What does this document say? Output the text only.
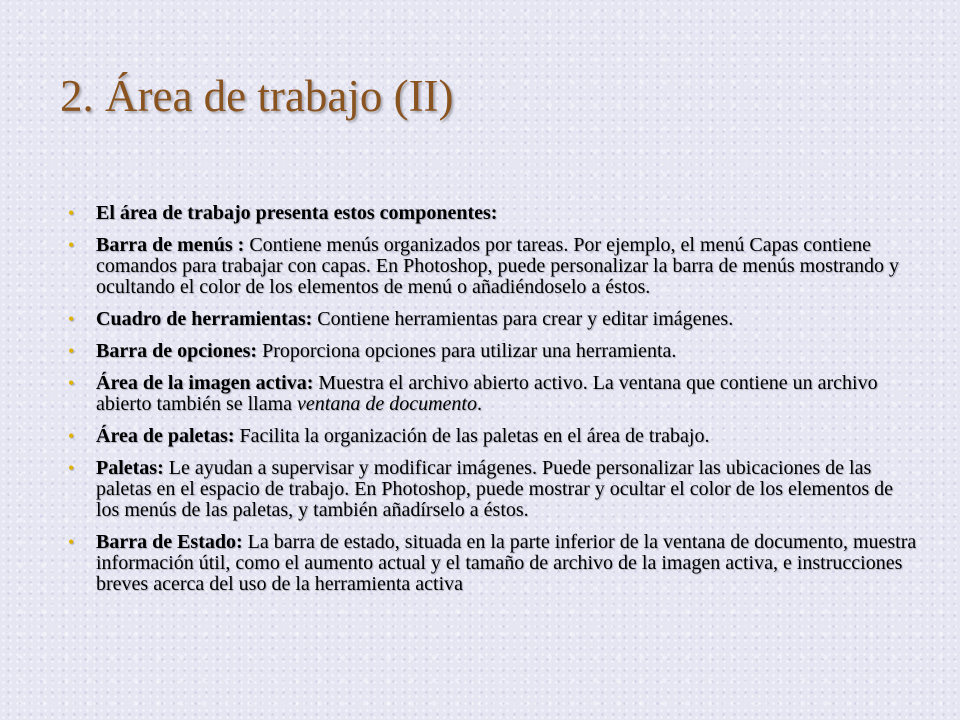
2. Área de trabajo (II)
• El área de trabajo presenta estos componentes:
• Barra de menús : Contiene menús organizados por tareas. Por ejemplo, el menú Capas contiene comandos para trabajar con capas. En Photoshop, puede personalizar la barra de menús mostrando y ocultando el color de los elementos de menú o añadiéndoselo a éstos.
• Cuadro de herramientas: Contiene herramientas para crear y editar imágenes.
• Barra de opciones: Proporciona opciones para utilizar una herramienta.
• Área de la imagen activa: Muestra el archivo abierto activo. La ventana que contiene un archivo abierto también se llama ventana de documento.
• Área de paletas: Facilita la organización de las paletas en el área de trabajo.
• Paletas: Le ayudan a supervisar y modificar imágenes. Puede personalizar las ubicaciones de las paletas en el espacio de trabajo. En Photoshop, puede mostrar y ocultar el color de los elementos de los menús de las paletas, y también añadírselo a éstos.
• Barra de Estado: La barra de estado, situada en la parte inferior de la ventana de documento, muestra información útil, como el aumento actual y el tamaño de archivo de la imagen activa, e instrucciones breves acerca del uso de la herramienta activa
